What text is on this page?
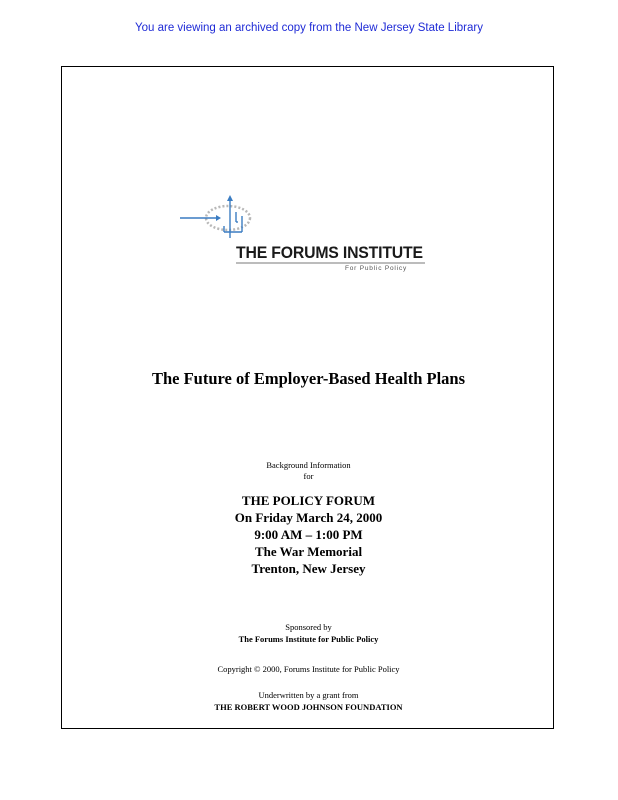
You are viewing an archived copy from the New Jersey State Library
THE FORUMS INSTITUTE
For Public Policy
The Future of Employer-Based Health Plans
Background Information
for
THE POLICY FORUM
On Friday March 24, 2000
9:00 AM – 1:00 PM
The War Memorial
Trenton, New Jersey
Sponsored by
The Forums Institute for Public Policy
Copyright © 2000, Forums Institute for Public Policy
Underwritten by a grant from
THE ROBERT WOOD JOHNSON FOUNDATION
